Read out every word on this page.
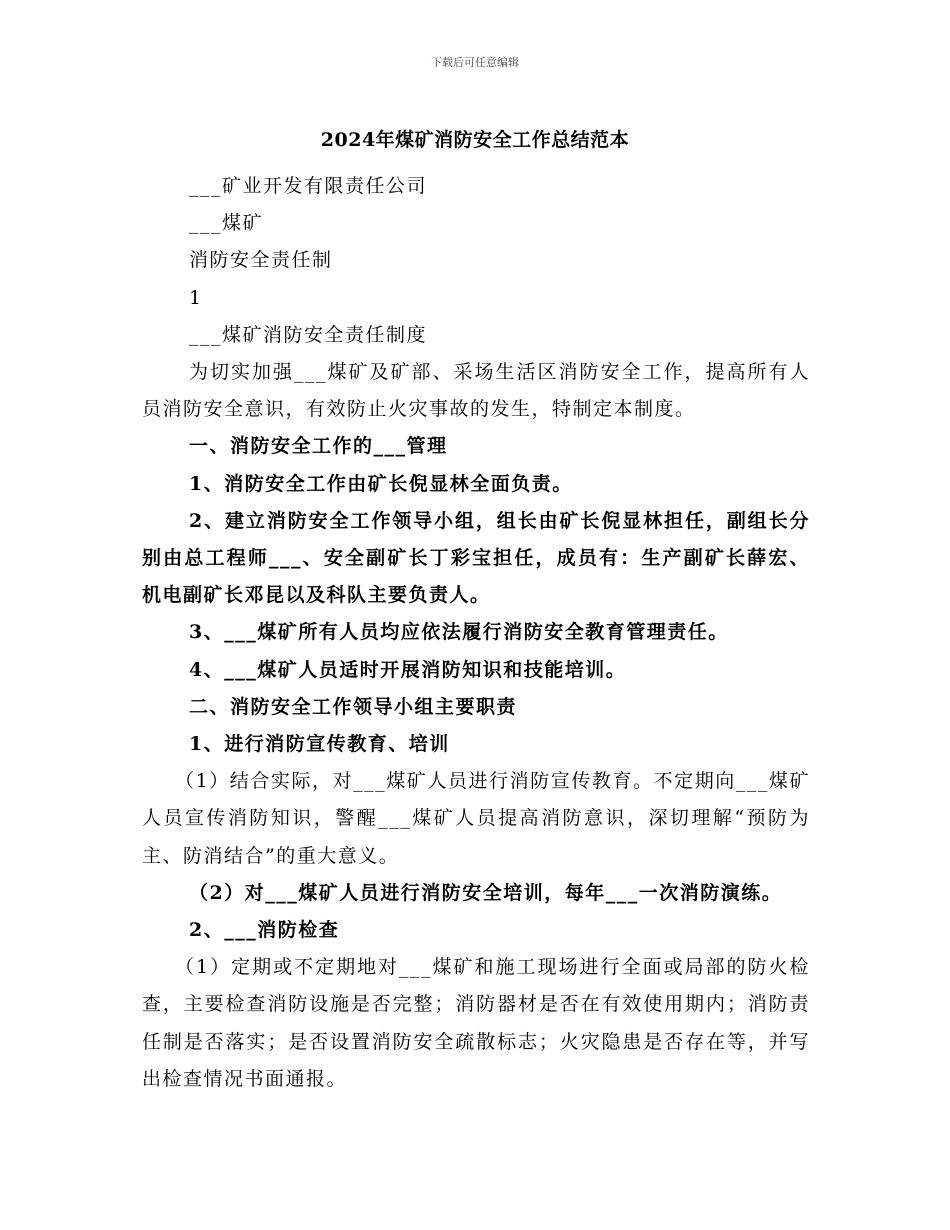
下载后可任意编辑
2024年煤矿消防安全工作总结范本
___矿业开发有限责任公司
___煤矿
消防安全责任制
1
___煤矿消防安全责任制度
为切实加强___煤矿及矿部、采场生活区消防安全工作，提高所有人员消防安全意识，有效防止火灾事故的发生，特制定本制度。
一、消防安全工作的___管理
1、消防安全工作由矿长倪显林全面负责。
2、建立消防安全工作领导小组，组长由矿长倪显林担任，副组长分别由总工程师___、安全副矿长丁彩宝担任，成员有：生产副矿长薛宏、机电副矿长邓昆以及科队主要负责人。
3、___煤矿所有人员均应依法履行消防安全教育管理责任。
4、___煤矿人员适时开展消防知识和技能培训。
二、消防安全工作领导小组主要职责
1、进行消防宣传教育、培训
（1）结合实际，对___煤矿人员进行消防宣传教育。不定期向___煤矿人员宣传消防知识，警醒___煤矿人员提高消防意识，深切理解“预防为主、防消结合”的重大意义。
（2）对___煤矿人员进行消防安全培训，每年___一次消防演练。
2、___消防检查
（1）定期或不定期地对___煤矿和施工现场进行全面或局部的防火检查，主要检查消防设施是否完整；消防器材是否在有效使用期内；消防责任制是否落实；是否设置消防安全疏散标志；火灾隐患是否存在等，并写出检查情况书面通报。
